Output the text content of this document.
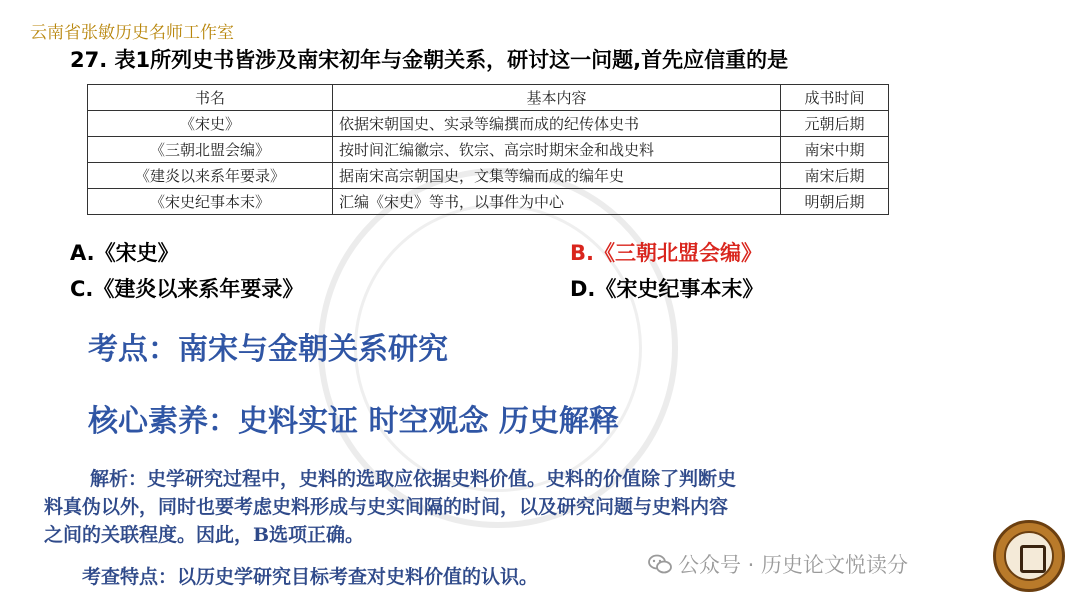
云南省张敏历史名师工作室
27. 表1所列史书皆涉及南宋初年与金朝关系，研讨这一问题,首先应信重的是
书名	基本内容	成书时间
《宋史》	依据宋朝国史、实录等编撰而成的纪传体史书	元朝后期
《三朝北盟会编》	按时间汇编徽宗、钦宗、高宗时期宋金和战史料	南宋中期
《建炎以来系年要录》	据南宋高宗朝国史，文集等编而成的编年史	南宋后期
《宋史纪事本末》	汇编《宋史》等书，以事件为中心	明朝后期
A.《宋史》	B.《三朝北盟会编》
C.《建炎以来系年要录》	D.《宋史纪事本末》
考点：南宋与金朝关系研究
核心素养：史料实证 时空观念 历史解释
解析：史学研究过程中，史料的选取应依据史料价值。史料的价值除了判断史
料真伪以外，同时也要考虑史料形成与史实间隔的时间，以及研究问题与史料内容
之间的关联程度。因此，B选项正确。
考查特点：以历史学研究目标考查对史料价值的认识。	公众号 · 历史论文悦读分
